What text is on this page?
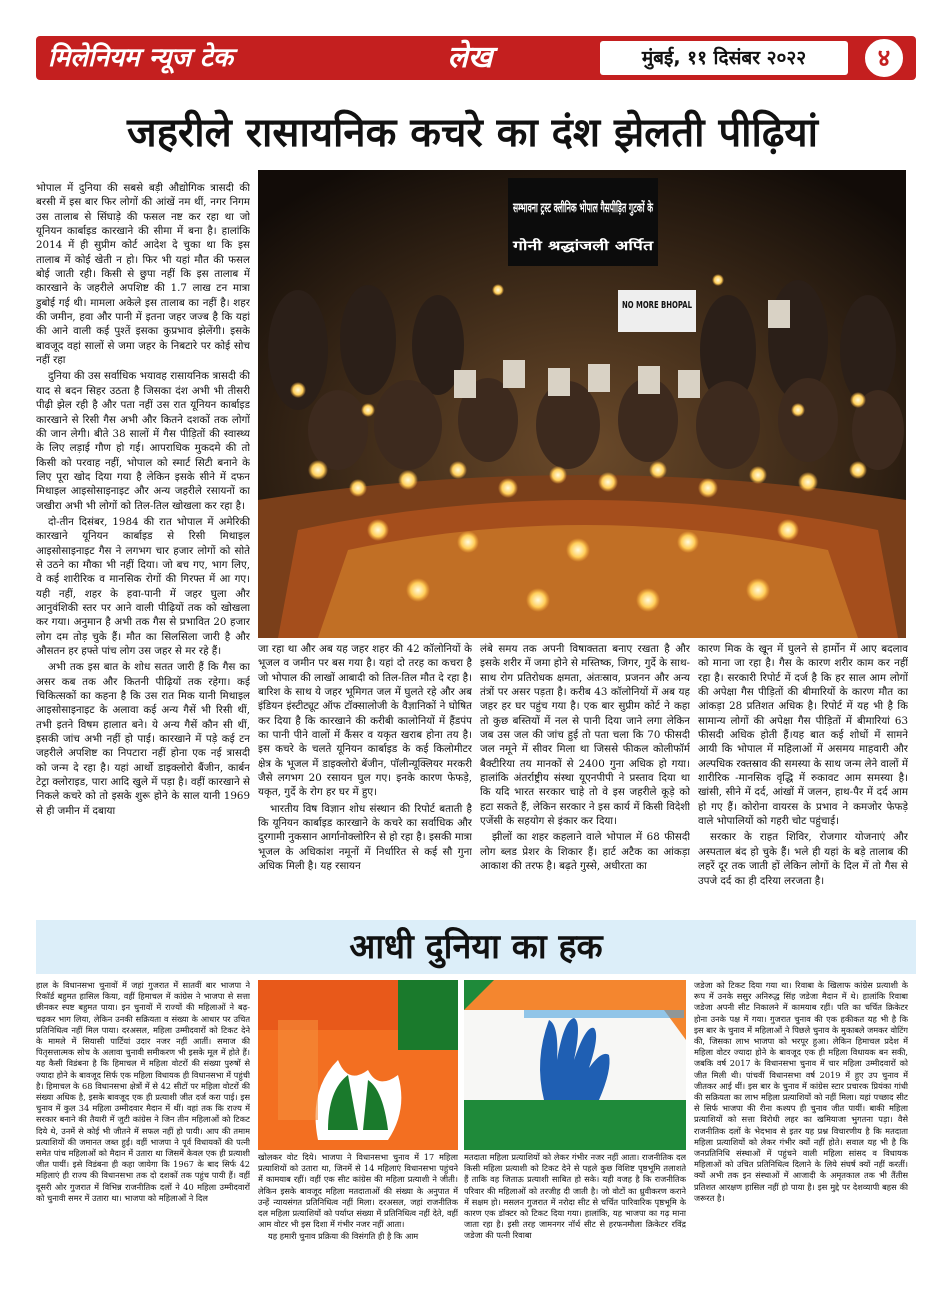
मिलेनियम न्यूज टेक	लेख	मुंबई, ११ दिसंबर २०२२	४
जहरीले रासायनिक कचरे का दंश झेलती पीढ़ियां

भोपाल में दुनिया की सबसे बड़ी औद्योगिक त्रासदी की बरसी में इस बार फिर लोगों की आंखें नम थीं, नगर निगम उस तालाब से सिंघाड़े की फसल नष्ट कर रहा था जो यूनियन कार्बाइड कारखाने की सीमा में बना है। हालांकि 2014 में ही सुप्रीम कोर्ट आदेश दे चुका था कि इस तालाब में कोई खेती न हो। फिर भी यहां मौत की फसल बोई जाती रही। किसी से छुपा नहीं कि इस तालाब में कारखाने के जहरीले अपशिष्ट की 1.7 लाख टन मात्रा डुबोई गई थी। मामला अकेले इस तालाब का नहीं है। शहर की जमीन, हवा और पानी में इतना जहर जज्ब है कि यहां की आने वाली कई पुश्तें इसका कुप्रभाव झेलेंगी। इसके बावजूद वहां सालों से जमा जहर के निबटारे पर कोई सोच नहीं रहा

दुनिया की उस सर्वाधिक भयावह रासायनिक त्रासदी की याद से बदन सिहर उठता है जिसका दंश अभी भी तीसरी पीढ़ी झेल रही है और पता नहीं उस रात यूनियन कार्बाइड कारखाने से रिसी गैस अभी और कितने दशकों तक लोगों की जान लेगी। बीते 38 सालों में गैस पीड़ितों की स्वास्थ्य के लिए लड़ाई गौण हो गई। आपराधिक मुकदमे की तो किसी को परवाह नहीं, भोपाल को स्मार्ट सिटी बनाने के लिए पूरा खोद दिया गया है लेकिन इसके सीने में दफन मिथाइल आइसोसाइनाइट और अन्य जहरीले रसायनों का जखीरा अभी भी लोगों को तिल-तिल खोखला कर रहा है।

दो-तीन दिसंबर, 1984 की रात भोपाल में अमेरिकी कारखाने यूनियन कार्बाइड से रिसी मिथाइल आइसोसाइनाइट गैस ने लगभग चार हजार लोगों को सोते से उठने का मौका भी नहीं दिया। जो बच गए, भाग लिए, वे कई शारीरिक व मानसिक रोगों की गिरफ्त में आ गए। यही नहीं, शहर के हवा-पानी में जहर घुला और आनुवंशिकी स्तर पर आने वाली पीढ़ियों तक को खोखला कर गया। अनुमान है अभी तक गैस से प्रभावित 20 हजार लोग दम तोड़ चुके हैं। मौत का सिलसिला जारी है और औसतन हर हफ्ते पांच लोग उस जहर से मर रहे हैं।

अभी तक इस बात के शोध सतत जारी हैं कि गैस का असर कब तक और कितनी पीढ़ियों तक रहेगा। कई चिकित्सकों का कहना है कि उस रात मिक यानी मिथाइल आइसोसाइनाइट के अलावा कई अन्य गैसें भी रिसी थीं, तभी इतने विषम हालात बने। ये अन्य गैसें कौन सी थीं, इसकी जांच अभी नहीं हो पाई। कारखाने में पड़े कई टन जहरीले अपशिष्ट का निपटारा नहीं होना एक नई त्रासदी को जन्म दे रहा है। यहां आर्थो डाइक्लोरो बैंजीन, कार्बन टेट्रा क्लोराइड, पारा आदि खुले में पड़ा है। वहीं कारखाने से निकले कचरे को तो इसके शुरू होने के साल यानी 1969 से ही जमीन में दबाया

सम्भावना ट्रस्ट क्लीनिक भोपाल गैसपीड़ित गुटकों के
गोनी श्रद्धांजली अर्पित
NO MORE BHOPAL

जा रहा था और अब यह जहर शहर की 42 कॉलोनियों के भूजल व जमीन पर बस गया है। यहां दो तरह का कचरा है जो भोपाल की लाखों आबादी को तिल-तिल मौत दे रहा है। बारिश के साथ ये जहर भूमिगत जल में घुलते रहे और अब इंडियन इंस्टीट्यूट ऑफ टॉक्सालोजी के वैज्ञानिकों ने घोषित कर दिया है कि कारखाने की करीबी कालोनियों में हैंडपंप का पानी पीने वालों में कैंसर व यकृत खराब होना तय है। इस कचरे के चलते यूनियन कार्बाइड के कई किलोमीटर क्षेत्र के भूजल में डाइक्लोरो बेंजीन, पॉलीन्यूक्लियर मरकरी जैसे लगभग 20 रसायन घुल गए। इनके कारण फेफड़े, यकृत, गुर्दे के रोग हर घर में हुए।

भारतीय विष विज्ञान शोध संस्थान की रिपोर्ट बताती है कि यूनियन कार्बाइड कारखाने के कचरे का सर्वाधिक और दुरगामी नुकसान आर्गानोक्लोरिन से हो रहा है। इसकी मात्रा भूजल के अधिकांश नमूनों में निर्धारित से कई सौ गुना अधिक मिली है। यह रसायन

लंबे समय तक अपनी विषाक्तता बनाए रखता है और इसके शरीर में जमा होने से मस्तिष्क, जिगर, गुर्दे के साथ-साथ रोग प्रतिरोधक क्षमता, अंतःस्राव, प्रजनन और अन्य तंत्रों पर असर पड़ता है। करीब 43 कॉलोनियों में अब यह जहर हर घर पहुंच गया है। एक बार सुप्रीम कोर्ट ने कहा तो कुछ बस्तियों में नल से पानी दिया जाने लगा लेकिन जब उस जल की जांच हुई तो पता चला कि 70 फीसदी जल नमूने में सीवर मिला था जिससे फीकल कोलीफॉर्म बैक्टीरिया तय मानकों से 2400 गुना अधिक हो गया। हालांकि अंतर्राष्ट्रीय संस्था यूएनपीपी ने प्रस्ताव दिया था कि यदि भारत सरकार चाहे तो वे इस जहरीले कूड़े को हटा सकते हैं, लेकिन सरकार ने इस कार्य में किसी विदेशी एजेंसी के सहयोग से इंकार कर दिया।

झीलों का शहर कहलाने वाले भोपाल में 68 फीसदी लोग ब्लड प्रेशर के शिकार हैं। हार्ट अटैक का आंकड़ा आकाश की तरफ है। बढ़ते गुस्से, अधीरता का

कारण मिक के खून में घुलने से हार्मोन में आए बदलाव को माना जा रहा है। गैस के कारण शरीर काम कर नहीं रहा है। सरकारी रिपोर्ट में दर्ज है कि हर साल आम लोगों की अपेक्षा गैस पीड़ितों की बीमारियों के कारण मौत का आंकड़ा 28 प्रतिशत अधिक है। रिपोर्ट में यह भी है कि सामान्य लोगों की अपेक्षा गैस पीड़ितों में बीमारियां 63 फीसदी अधिक होती हैं।यह बात कई शोधों में सामने आयी कि भोपाल में महिलाओं में असमय माहवारी और अल्पधिक रक्तस्राव की समस्या के साथ जन्म लेने वालों में शारीरिक -मानसिक वृद्धि में रुकावट आम समस्या है। खांसी, सीने में दर्द, आंखों में जलन, हाथ-पैर में दर्द आम हो गए हैं। कोरोना वायरस के प्रभाव ने कमजोर फेफड़े वाले भोपालियों को गहरी चोट पहुंचाई।

सरकार के राहत शिविर, रोजगार योजनाएं और अस्पताल बंद हो चुके हैं। भले ही यहां के बड़े तालाब की लहरें दूर तक जाती हों लेकिन लोगों के दिल में तो गैस से उपजे दर्द का ही दरिया लरजता है।

आधी दुनिया का हक

हाल के विधानसभा चुनावों में जहां गुजरात में सातवीं बार भाजपा ने रिकॉर्ड बहुमत हासिल किया, वहीं हिमाचल में कांग्रेस ने भाजपा से सत्ता छीनकर स्पष्ट बहुमत पाया। इन चुनावों में राज्यों की महिलाओं ने बढ़-चढ़कर भाग लिया, लेकिन उनकी सक्रियता व संख्या के आधार पर उचित प्रतिनिधित्व नहीं मिल पाया। दरअसल, महिला उम्मीदवारों को टिकट देने के मामले में सियासी पार्टियां उदार नजर नहीं आतीं। समाज की पितृसत्तात्मक सोच के अलावा चुनावी समीकरण भी इसके मूल में होते हैं। यह कैसी विडंबना है कि हिमाचल में महिला वोटरों की संख्या पुरुषों से ज्यादा होने के बावजूद सिर्फ एक महिला विधायक ही विधानसभा में पहुंची है। हिमाचल के 68 विधानसभा क्षेत्रों में से 42 सीटों पर महिला वोटरों की संख्या अधिक है, इसके बावजूद एक ही प्रत्याशी जीत दर्ज करा पाई। इस चुनाव में कुल 34 महिला उम्मीदवार मैदान में थीं। वहां तक कि राज्य में सरकार बनाने की तैयारी में जुटी कांग्रेस ने जिन तीन महिलाओं को टिकट दिये थे, उनमें से कोई भी जीतने में सफल नहीं हो पायी। आप की तमाम प्रत्याशियों की जमानत जब्त हुई। वहीं भाजपा ने पूर्व विधायकों की पत्नी समेत पांच महिलाओं को मैदान में उतारा था जिसमें केवल एक ही प्रत्याशी जीत पायीं। इसे विडंबना ही कहा जायेगा कि 1967 के बाद सिर्फ 42 महिलाएं ही राज्य की विधानसभा तक दो दशकों तक पहुंच पायी हैं। वहीं दूसरी ओर गुजरात में विभिन्न राजनीतिक दलों ने 40 महिला उम्मीदवारों को चुनावी समर में उतारा था। भाजपा को महिलाओं ने दिल

खोलकर वोट दिये। भाजपा ने विधानसभा चुनाव में 17 महिला प्रत्याशियों को उतारा था, जिनमें से 14 महिलाएं विधानसभा पहुंचने में कामयाब रहीं। वहीं एक सीट कांग्रेस की महिला प्रत्याशी ने जीती। लेकिन इसके बावजूद महिला मतदाताओं की संख्या के अनुपात में उन्हें न्यायसंगत प्रतिनिधित्व नहीं मिला। दरअसल, जहां राजनीतिक दल महिला प्रत्याशियों को पर्याप्त संख्या में प्रतिनिधित्व नहीं देते, वहीं आम वोटर भी इस दिशा में गंभीर नजर नहीं आता।

यह हमारी चुनाव प्रक्रिया की विसंगति ही है कि आम

मतदाता महिला प्रत्याशियों को लेकर गंभीर नजर नहीं आता। राजनीतिक दल किसी महिला प्रत्याशी को टिकट देने से पहले कुछ विशिष्ट पृष्ठभूमि तलाशते हैं ताकि वह जिताऊ प्रत्याशी साबित हो सके। यही वजह है कि राजनीतिक परिवार की महिलाओं को तरजीह दी जाती है। जो वोटों का ध्रुवीकरण कराने में सक्षम हो। मसलन गुजरात में नरोदा सीट से चर्चित पारिवारिक पृष्ठभूमि के कारण एक डॉक्टर को टिकट दिया गया। हालांकि, यह भाजपा का गढ़ माना जाता रहा है। इसी तरह जामनगर नॉर्थ सीट से हरफनमौला क्रिकेटर रविंद्र जडेजा की पत्नी रिवाबा

जडेजा को टिकट दिया गया था। रिवाबा के खिलाफ कांग्रेस प्रत्याशी के रूप में उनके ससुर अनिरुद्ध सिंह जडेजा मैदान में थे। हालांकि रिवाबा जडेजा अपनी सीट निकालने में कामयाब रहीं। पति का चर्चित क्रिकेटर होना उनके पक्ष में गया। गुजरात चुनाव की एक हकीकत यह भी है कि इस बार के चुनाव में महिलाओं ने पिछले चुनाव के मुकाबले जमकर वोटिंग की, जिसका लाभ भाजपा को भरपूर हुआ। लेकिन हिमाचल प्रदेश में महिला वोटर ज्यादा होने के बावजूद एक ही महिला विधायक बन सकी, जबकि वर्ष 2017 के विधानसभा चुनाव में चार महिला उम्मीदवारों को जीत मिली थी। पांचवीं विधानसभा वर्ष 2019 में हुए उप चुनाव में जीतकर आई थीं। इस बार के चुनाव में कांग्रेस स्टार प्रचारक प्रियंका गांधी की सक्रियता का लाभ महिला प्रत्याशियों को नहीं मिला। यहां पच्छाद सीट से सिर्फ भाजपा की रीना कश्यप ही चुनाव जीत पायीं। बाकी महिला प्रत्याशियों को सत्ता विरोधी लहर का खमियाजा भुगतना पड़ा। वैसे राजनीतिक दलों के भेदभाव से इतर यह प्रश्न विचारणीय है कि मतदाता महिला प्रत्याशियों को लेकर गंभीर क्यों नहीं होते। सवाल यह भी है कि जनप्रतिनिधि संस्थाओं में पहुंचने वाली महिला सांसद व विधायक महिलाओं को उचित प्रतिनिधित्व दिलाने के लिये संघर्ष क्यों नहीं करतीं। क्यों अभी तक इन संस्थाओं में आजादी के अमृतकाल तक भी तैंतीस प्रतिशत आरक्षण हासिल नहीं हो पाया है। इस मुद्दे पर देशव्यापी बहस की जरूरत है।
